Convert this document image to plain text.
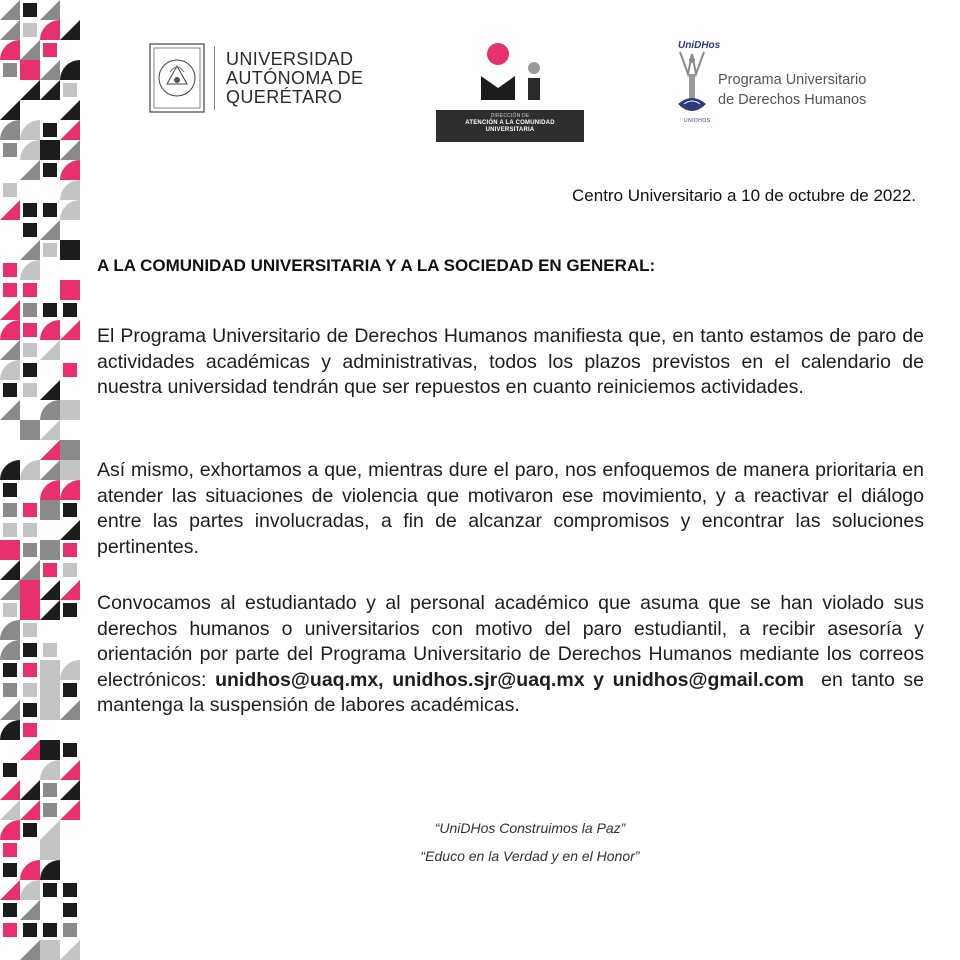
UNIVERSIDAD
AUTÓNOMA DE
QUERÉTARO
DIRECCIÓN DE
ATENCIÓN A LA COMUNIDAD
UNIVERSITARIA
UniDHos
Programa Universitario
de Derechos Humanos
UNIDHOS
Centro Universitario a 10 de octubre de 2022.
A LA COMUNIDAD UNIVERSITARIA Y A LA SOCIEDAD EN GENERAL:
El Programa Universitario de Derechos Humanos manifiesta que, en tanto estamos de paro de actividades académicas y administrativas, todos los plazos previstos en el calendario de nuestra universidad tendrán que ser repuestos en cuanto reiniciemos actividades.
Así mismo, exhortamos a que, mientras dure el paro, nos enfoquemos de manera prioritaria en atender las situaciones de violencia que motivaron ese movimiento, y a reactivar el diálogo entre las partes involucradas, a fin de alcanzar compromisos y encontrar las soluciones pertinentes.
Convocamos al estudiantado y al personal académico que asuma que se han violado sus derechos humanos o universitarios con motivo del paro estudiantil, a recibir asesoría y orientación por parte del Programa Universitario de Derechos Humanos mediante los correos electrónicos: unidhos@uaq.mx, unidhos.sjr@uaq.mx y unidhos@gmail.com  en tanto se mantenga la suspensión de labores académicas.
“UniDHos Construimos la Paz”
“Educo en la Verdad y en el Honor”
